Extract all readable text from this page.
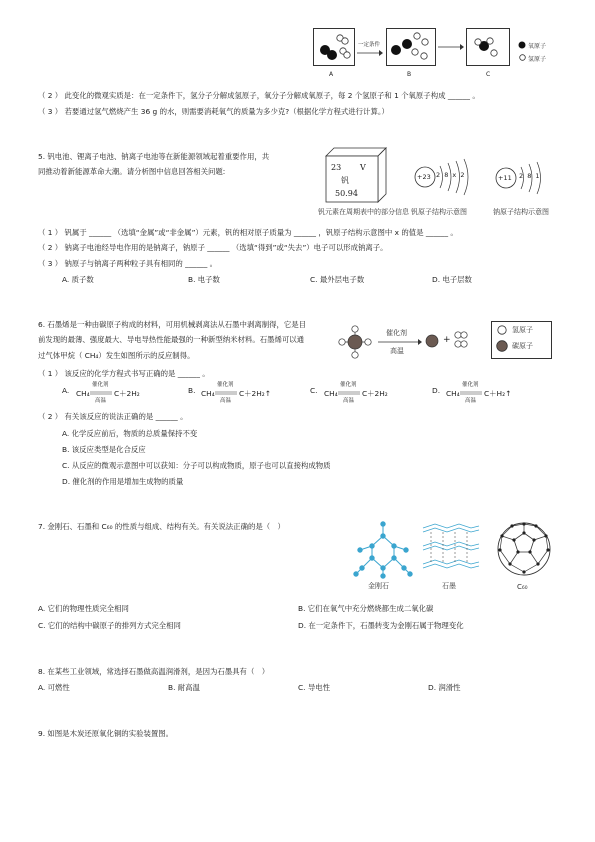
A
一定条件
B	C
氧原子
氢原子
（ 2 ） 此变化的微观实质是：在一定条件下，氢分子分解成氢原子，氧分子分解成氧原子，每 2 个氢原子和 1 个氧原子构成 ______ 。
（ 3 ） 若要通过氢气燃烧产生 36 g 的水，则需要消耗氧气的质量为多少克?（根据化学方程式进行计算。）
5. 钒电池、锂离子电池、钠离子电池等在新能源领域起着重要作用，共
同推动着新能源革命大潮。请分析图中信息回答相关问题:	23 V
钒
50.94
钒元素在周期表中的部分信息
+23 2 8 x 2
钒原子结构示意图
+11 2 8 1
钠原子结构示意图
（ 1 ） 钒属于 ______ （选填“金属”或“非金属”）元素，钒的相对原子质量为 ______ ，钒原子结构示意图中 x 的值是 ______ 。
（ 2 ） 钠离子电池经导电作用的是钠离子，钠原子 ______ （选填“得到”或“失去”）电子可以形成钠离子。
（ 3 ） 钠原子与钠离子两种粒子具有相同的 ______ 。
A. 质子数	B. 电子数	C. 最外层电子数	D. 电子层数
6. 石墨烯是一种由碳原子构成的材料，可用机械剥离法从石墨中剥离制得，它是目
前发现的最薄、强度最大、导电导热性能最强的一种新型纳米材料。石墨烯可以通
过气体甲烷（ CH₄）发生如图所示的反应制得。
催化剂
高温
+
氢原子
碳原子
（ 1 ） 该反应的化学方程式书写正确的是 ______ 。
A. CH₄
催化剂
高温
C＋2H₂	B. CH₄
催化剂
高温
C＋2H₂↑	C. CH₄
催化剂
高温
C＋2H₂	D. CH₄
催化剂
高温
C＋H₂↑
（ 2 ） 有关该反应的说法正确的是 ______ 。
A. 化学反应前后，物质的总质量保持不变
B. 该反应类型是化合反应
C. 从反应的微观示意图中可以获知：分子可以构成物质，原子也可以直接构成物质
D. 催化剂的作用是增加生成物的质量
7. 金刚石、石墨和 C₆₀ 的性质与组成、结构有关。有关说法正确的是（　）
金刚石	石墨	C₆₀
A. 它们的物理性质完全相同	B. 它们在氧气中充分燃烧都生成二氧化碳
C. 它们的结构中碳原子的排列方式完全相同	D. 在一定条件下，石墨转变为金刚石属于物理变化
8. 在某些工业领域，常选择石墨做高温润滑剂，是因为石墨具有（　）
A. 可燃性	B. 耐高温	C. 导电性	D. 润滑性
9. 如图是木炭还原氧化铜的实验装置图。
